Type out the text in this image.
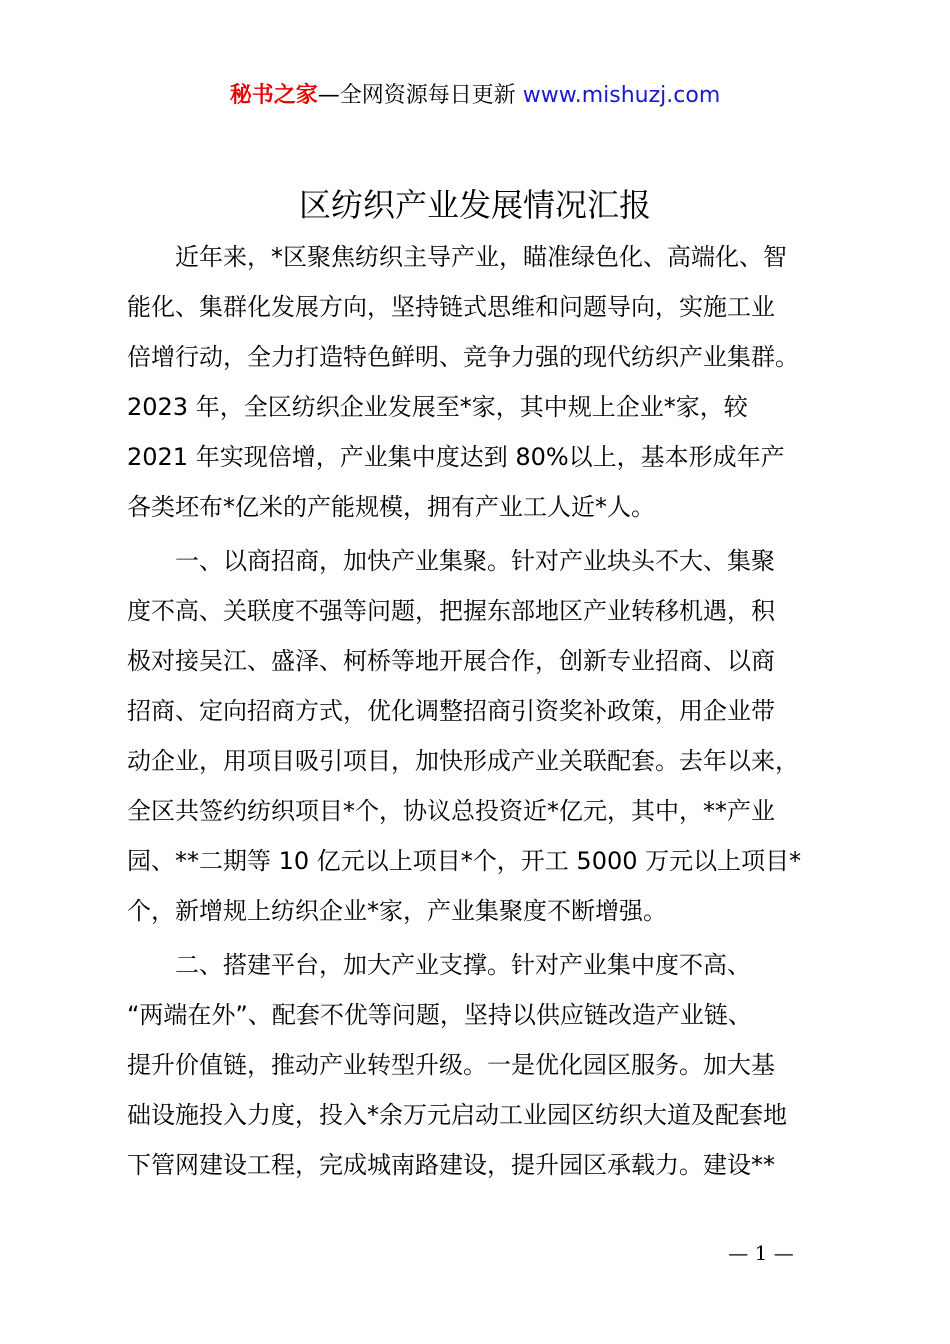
秘书之家—全网资源每日更新 www.mishuzj.com
区纺织产业发展情况汇报
近年来，*区聚焦纺织主导产业，瞄准绿色化、高端化、智
能化、集群化发展方向，坚持链式思维和问题导向，实施工业
倍增行动，全力打造特色鲜明、竞争力强的现代纺织产业集群。
2023 年，全区纺织企业发展至*家，其中规上企业*家，较
2021 年实现倍增，产业集中度达到 80%以上，基本形成年产
各类坯布*亿米的产能规模，拥有产业工人近*人。
一、以商招商，加快产业集聚。针对产业块头不大、集聚
度不高、关联度不强等问题，把握东部地区产业转移机遇，积
极对接吴江、盛泽、柯桥等地开展合作，创新专业招商、以商
招商、定向招商方式，优化调整招商引资奖补政策，用企业带
动企业，用项目吸引项目，加快形成产业关联配套。去年以来，
全区共签约纺织项目*个，协议总投资近*亿元，其中，**产业
园、**二期等 10 亿元以上项目*个，开工 5000 万元以上项目*
个，新增规上纺织企业*家，产业集聚度不断增强。
二、搭建平台，加大产业支撑。针对产业集中度不高、
“两端在外”、配套不优等问题，坚持以供应链改造产业链、
提升价值链，推动产业转型升级。一是优化园区服务。加大基
础设施投入力度，投入*余万元启动工业园区纺织大道及配套地
下管网建设工程，完成城南路建设，提升园区承载力。建设**
— 1 —
